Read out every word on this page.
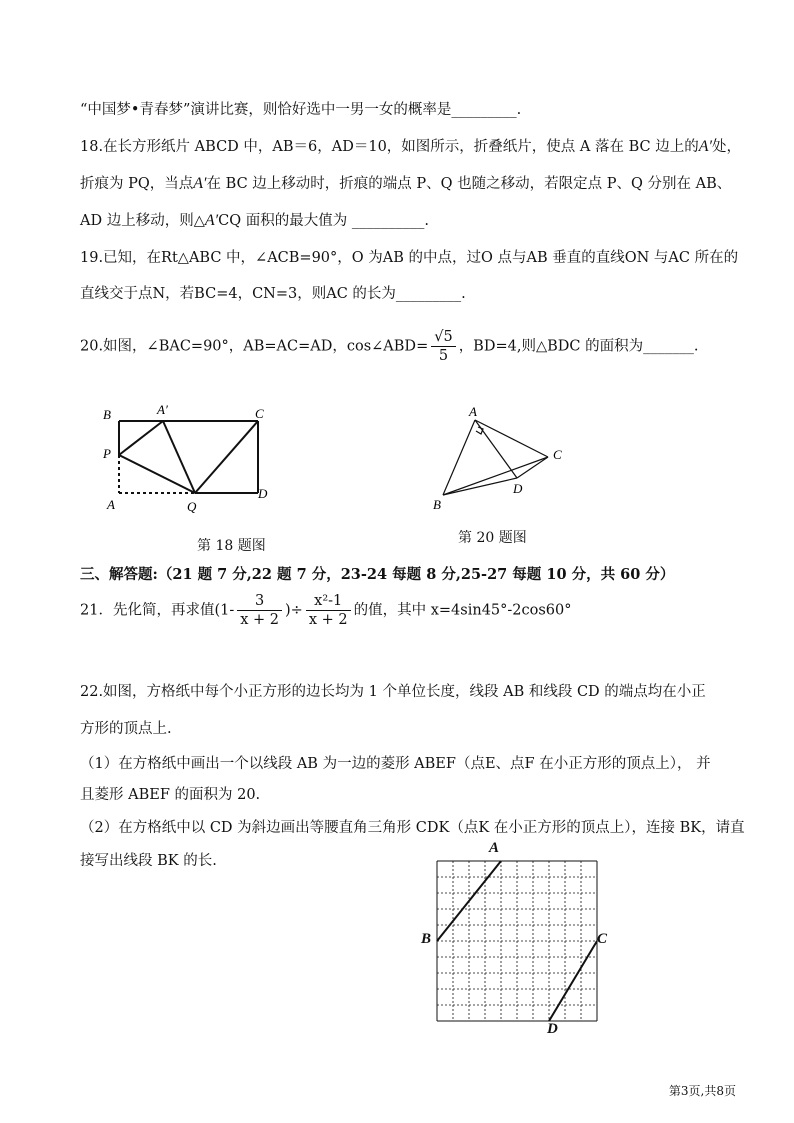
“中国梦•青春梦”演讲比赛，则恰好选中一男一女的概率是_________.
18.在长方形纸片 ABCD 中，AB＝6，AD＝10，如图所示，折叠纸片，使点 A 落在 BC 边上的A′处，
折痕为 PQ，当点A′在 BC 边上移动时，折痕的端点 P、Q 也随之移动，若限定点 P、Q 分别在 AB、
AD 边上移动，则△A′CQ 面积的最大值为 __________.
19.已知，在Rt△ABC 中，∠ACB=90°，O 为AB 的中点，过O 点与AB 垂直的直线ON 与AC 所在的
直线交于点N，若BC=4，CN=3，则AC 的长为_________.
20.如图，∠BAC=90°，AB=AC=AD，cos∠ABD= $\frac{√5}{5}$ ，BD=4,则△BDC 的面积为_______.
B	A′	C
P
A	Q
D
第 18 题图
A
C
B
D
第 20 题图
三、解答题:（21 题 7 分,22 题 7 分，23-24 每题 8 分,25-27 每题 10 分，共 60 分）
21．先化简，再求值($1- \frac{3}{x + 2}$ )÷ $\frac{\text{x²-1}}{x + 2}$ 的值，其中 x=4sin45°-2cos60°
22.如图，方格纸中每个小正方形的边长均为 1 个单位长度，线段 AB 和线段 CD 的端点均在小正
方形的顶点上.
（1）在方格纸中画出一个以线段 AB 为一边的菱形 ABEF（点E、点F 在小正方形的顶点上）， 并
且菱形 ABEF 的面积为 20.
（2）在方格纸中以 CD 为斜边画出等腰直角三角形 CDK（点K 在小正方形的顶点上），连接 BK，请直
接写出线段 BK 的长.
A
B	C
D
第3页,共8页
